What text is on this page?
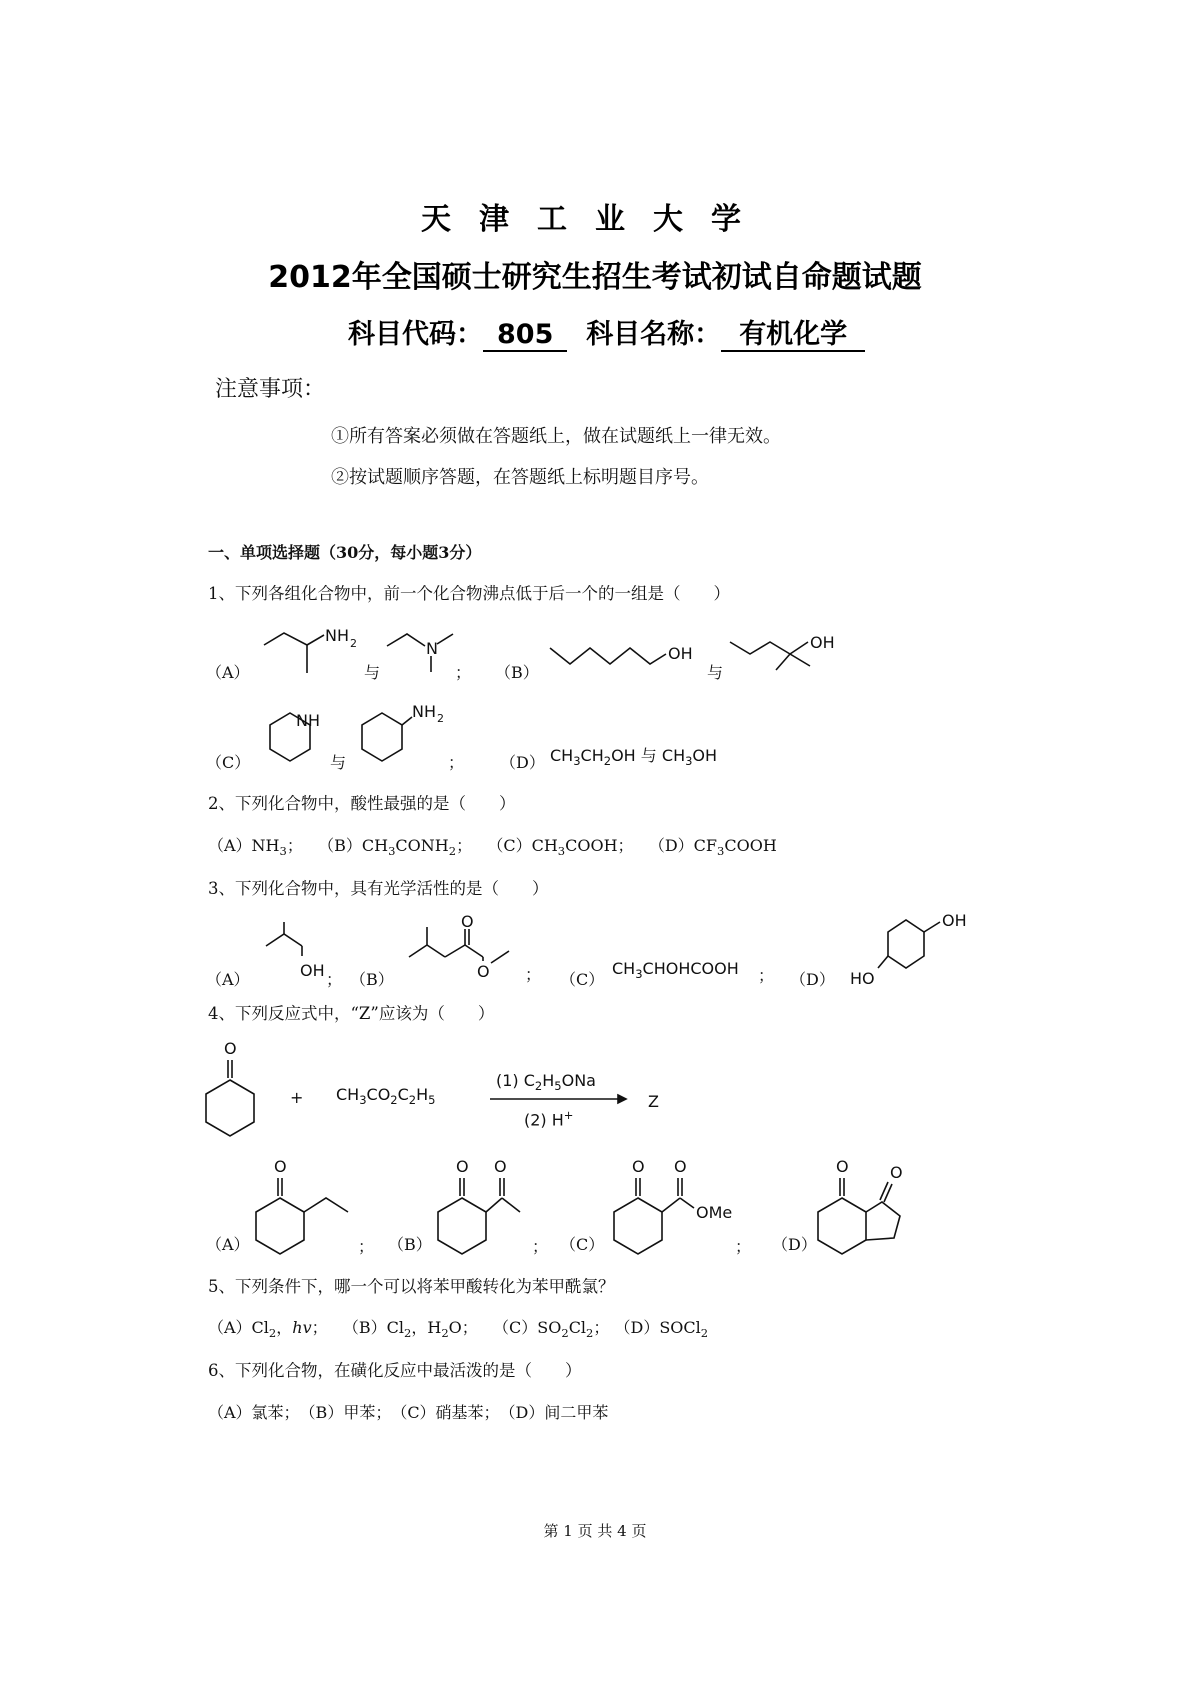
天津工业大学
2012年全国硕士研究生招生考试初试自命题试题
科目代码： 805 科目名称： 有机化学
注意事项：
①所有答案必须做在答题纸上，做在试题纸上一律无效。
②按试题顺序答题，在答题纸上标明题目序号。
一、单项选择题（30分，每小题3分）
1、下列各组化合物中，前一个化合物沸点低于后一个的一组是（　　）
（A）
NH 2
与
N
； （B）
OH
与
OH
（C）
NH
与
NH 2
； （D） $CH_3CH_2OH$ 与 $CH_3OH$
2、下列化合物中，酸性最强的是（　　）
$(A)NH_3$； $(B)CH_3CONH_2$； $(C)CH_3COOH$； $(D)CF_3COOH$
3、下列化合物中，具有光学活性的是（　　）
（A）	OH ； （B）
O
O ； （C）
$CH_3CHOHCOOH$ ； （D）
OH
HO
4、下列反应式中，“Z”应该为（　　）
O
+ $CH_3CO_2C_2H_5$
(1) $C_2H_5ONa$
(2) H+
Z
（A）
O
； （B）
O O
； （C）
O O
OMe
； （D）
O	O
5、下列条件下，哪一个可以将苯甲酸转化为苯甲酰氯？
$(A)Cl_2$，hv； $(B)Cl_2$，$H_2O$； $(C)SO_2Cl_2$； （D）SOCl$_2$
6、下列化合物，在磺化反应中最活泼的是（　　）
（A）氯苯；　（B）甲苯；　（C）硝基苯；　（D）间二甲苯
第 1 页 共 4 页
